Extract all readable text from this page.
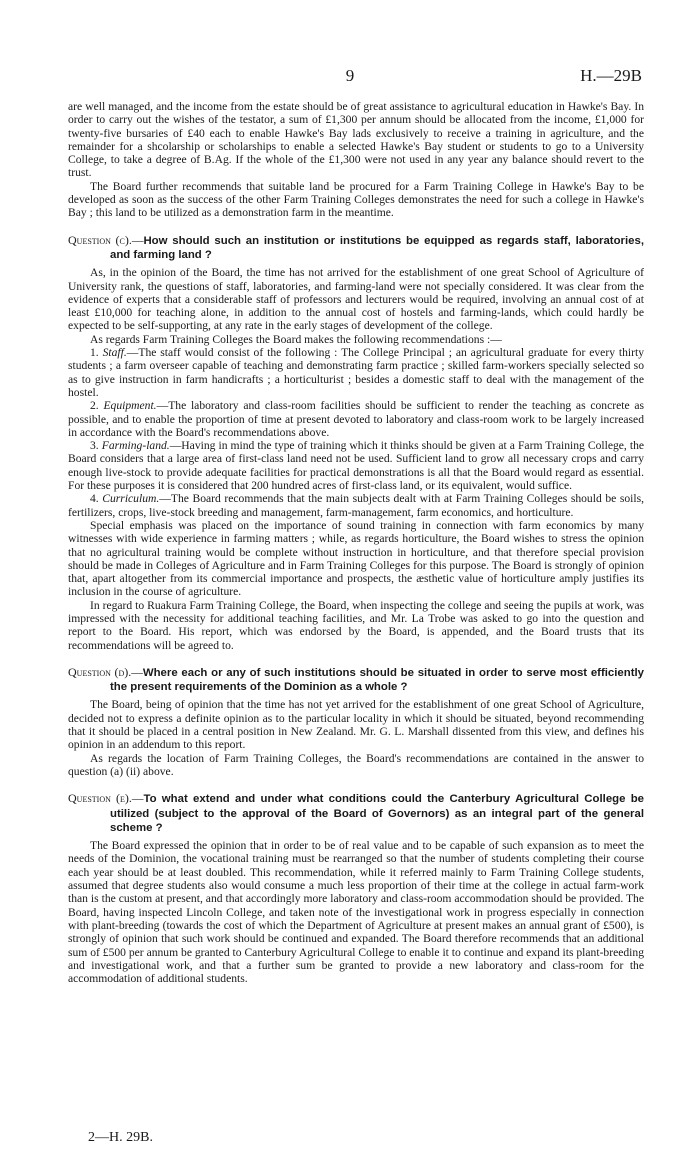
9	H.—29B

are well managed, and the income from the estate should be of great assistance to agricultural education in Hawke's Bay. In order to carry out the wishes of the testator, a sum of £1,300 per annum should be allocated from the income, £1,000 for twenty-five bursaries of £40 each to enable Hawke's Bay lads exclusively to receive a training in agriculture, and the remainder for a shcolarship or scholarships to enable a selected Hawke's Bay student or students to go to a University College, to take a degree of B.Ag. If the whole of the £1,300 were not used in any year any balance should revert to the trust.

The Board further recommends that suitable land be procured for a Farm Training College in Hawke's Bay to be developed as soon as the success of the other Farm Training Colleges demonstrates the need for such a college in Hawke's Bay ; this land to be utilized as a demonstration farm in the meantime.

Question (c).—How should such an institution or institutions be equipped as regards staff, laboratories, and farming land ?

As, in the opinion of the Board, the time has not arrived for the establishment of one great School of Agriculture of University rank, the questions of staff, laboratories, and farming-land were not specially considered. It was clear from the evidence of experts that a considerable staff of professors and lecturers would be required, involving an annual cost of at least £10,000 for teaching alone, in addition to the annual cost of hostels and farming-lands, which could hardly be expected to be self-supporting, at any rate in the early stages of development of the college.

As regards Farm Training Colleges the Board makes the following recommendations :—

1. Staff.—The staff would consist of the following : The College Principal ; an agricultural graduate for every thirty students ; a farm overseer capable of teaching and demonstrating farm practice ; skilled farm-workers specially selected so as to give instruction in farm handicrafts ; a horticulturist ; besides a domestic staff to deal with the management of the hostel.

2. Equipment.—The laboratory and class-room facilities should be sufficient to render the teaching as concrete as possible, and to enable the proportion of time at present devoted to laboratory and class-room work to be largely increased in accordance with the Board's recommendations above.

3. Farming-land.—Having in mind the type of training which it thinks should be given at a Farm Training College, the Board considers that a large area of first-class land need not be used. Sufficient land to grow all necessary crops and carry enough live-stock to provide adequate facilities for practical demonstrations is all that the Board would regard as essential. For these purposes it is considered that 200 hundred acres of first-class land, or its equivalent, would suffice.

4. Curriculum.—The Board recommends that the main subjects dealt with at Farm Training Colleges should be soils, fertilizers, crops, live-stock breeding and management, farm-management, farm economics, and horticulture.

Special emphasis was placed on the importance of sound training in connection with farm economics by many witnesses with wide experience in farming matters ; while, as regards horticulture, the Board wishes to stress the opinion that no agricultural training would be complete without instruction in horticulture, and that therefore special provision should be made in Colleges of Agriculture and in Farm Training Colleges for this purpose. The Board is strongly of opinion that, apart altogether from its commercial importance and prospects, the æsthetic value of horticulture amply justifies its inclusion in the course of agriculture.

In regard to Ruakura Farm Training College, the Board, when inspecting the college and seeing the pupils at work, was impressed with the necessity for additional teaching facilities, and Mr. La Trobe was asked to go into the question and report to the Board. His report, which was endorsed by the Board, is appended, and the Board trusts that its recommendations will be agreed to.

Question (d).—Where each or any of such institutions should be situated in order to serve most efficiently the present requirements of the Dominion as a whole ?

The Board, being of opinion that the time has not yet arrived for the establishment of one great School of Agriculture, decided not to express a definite opinion as to the particular locality in which it should be situated, beyond recommending that it should be placed in a central position in New Zealand. Mr. G. L. Marshall dissented from this view, and defines his opinion in an addendum to this report.

As regards the location of Farm Training Colleges, the Board's recommendations are contained in the answer to question (a) (ii) above.

Question (e).—To what extend and under what conditions could the Canterbury Agricultural College be utilized (subject to the approval of the Board of Governors) as an integral part of the general scheme ?

The Board expressed the opinion that in order to be of real value and to be capable of such expansion as to meet the needs of the Dominion, the vocational training must be rearranged so that the number of students completing their course each year should be at least doubled. This recommendation, while it referred mainly to Farm Training College students, assumed that degree students also would consume a much less proportion of their time at the college in actual farm-work than is the custom at present, and that accordingly more laboratory and class-room accommodation should be provided. The Board, having inspected Lincoln College, and taken note of the investigational work in progress especially in connection with plant-breeding (towards the cost of which the Department of Agriculture at present makes an annual grant of £500), is strongly of opinion that such work should be continued and expanded. The Board therefore recommends that an additional sum of £500 per annum be granted to Canterbury Agricultural College to enable it to continue and expand its plant-breeding and investigational work, and that a further sum be granted to provide a new laboratory and class-room for the accommodation of additional students.

2—H. 29B.
